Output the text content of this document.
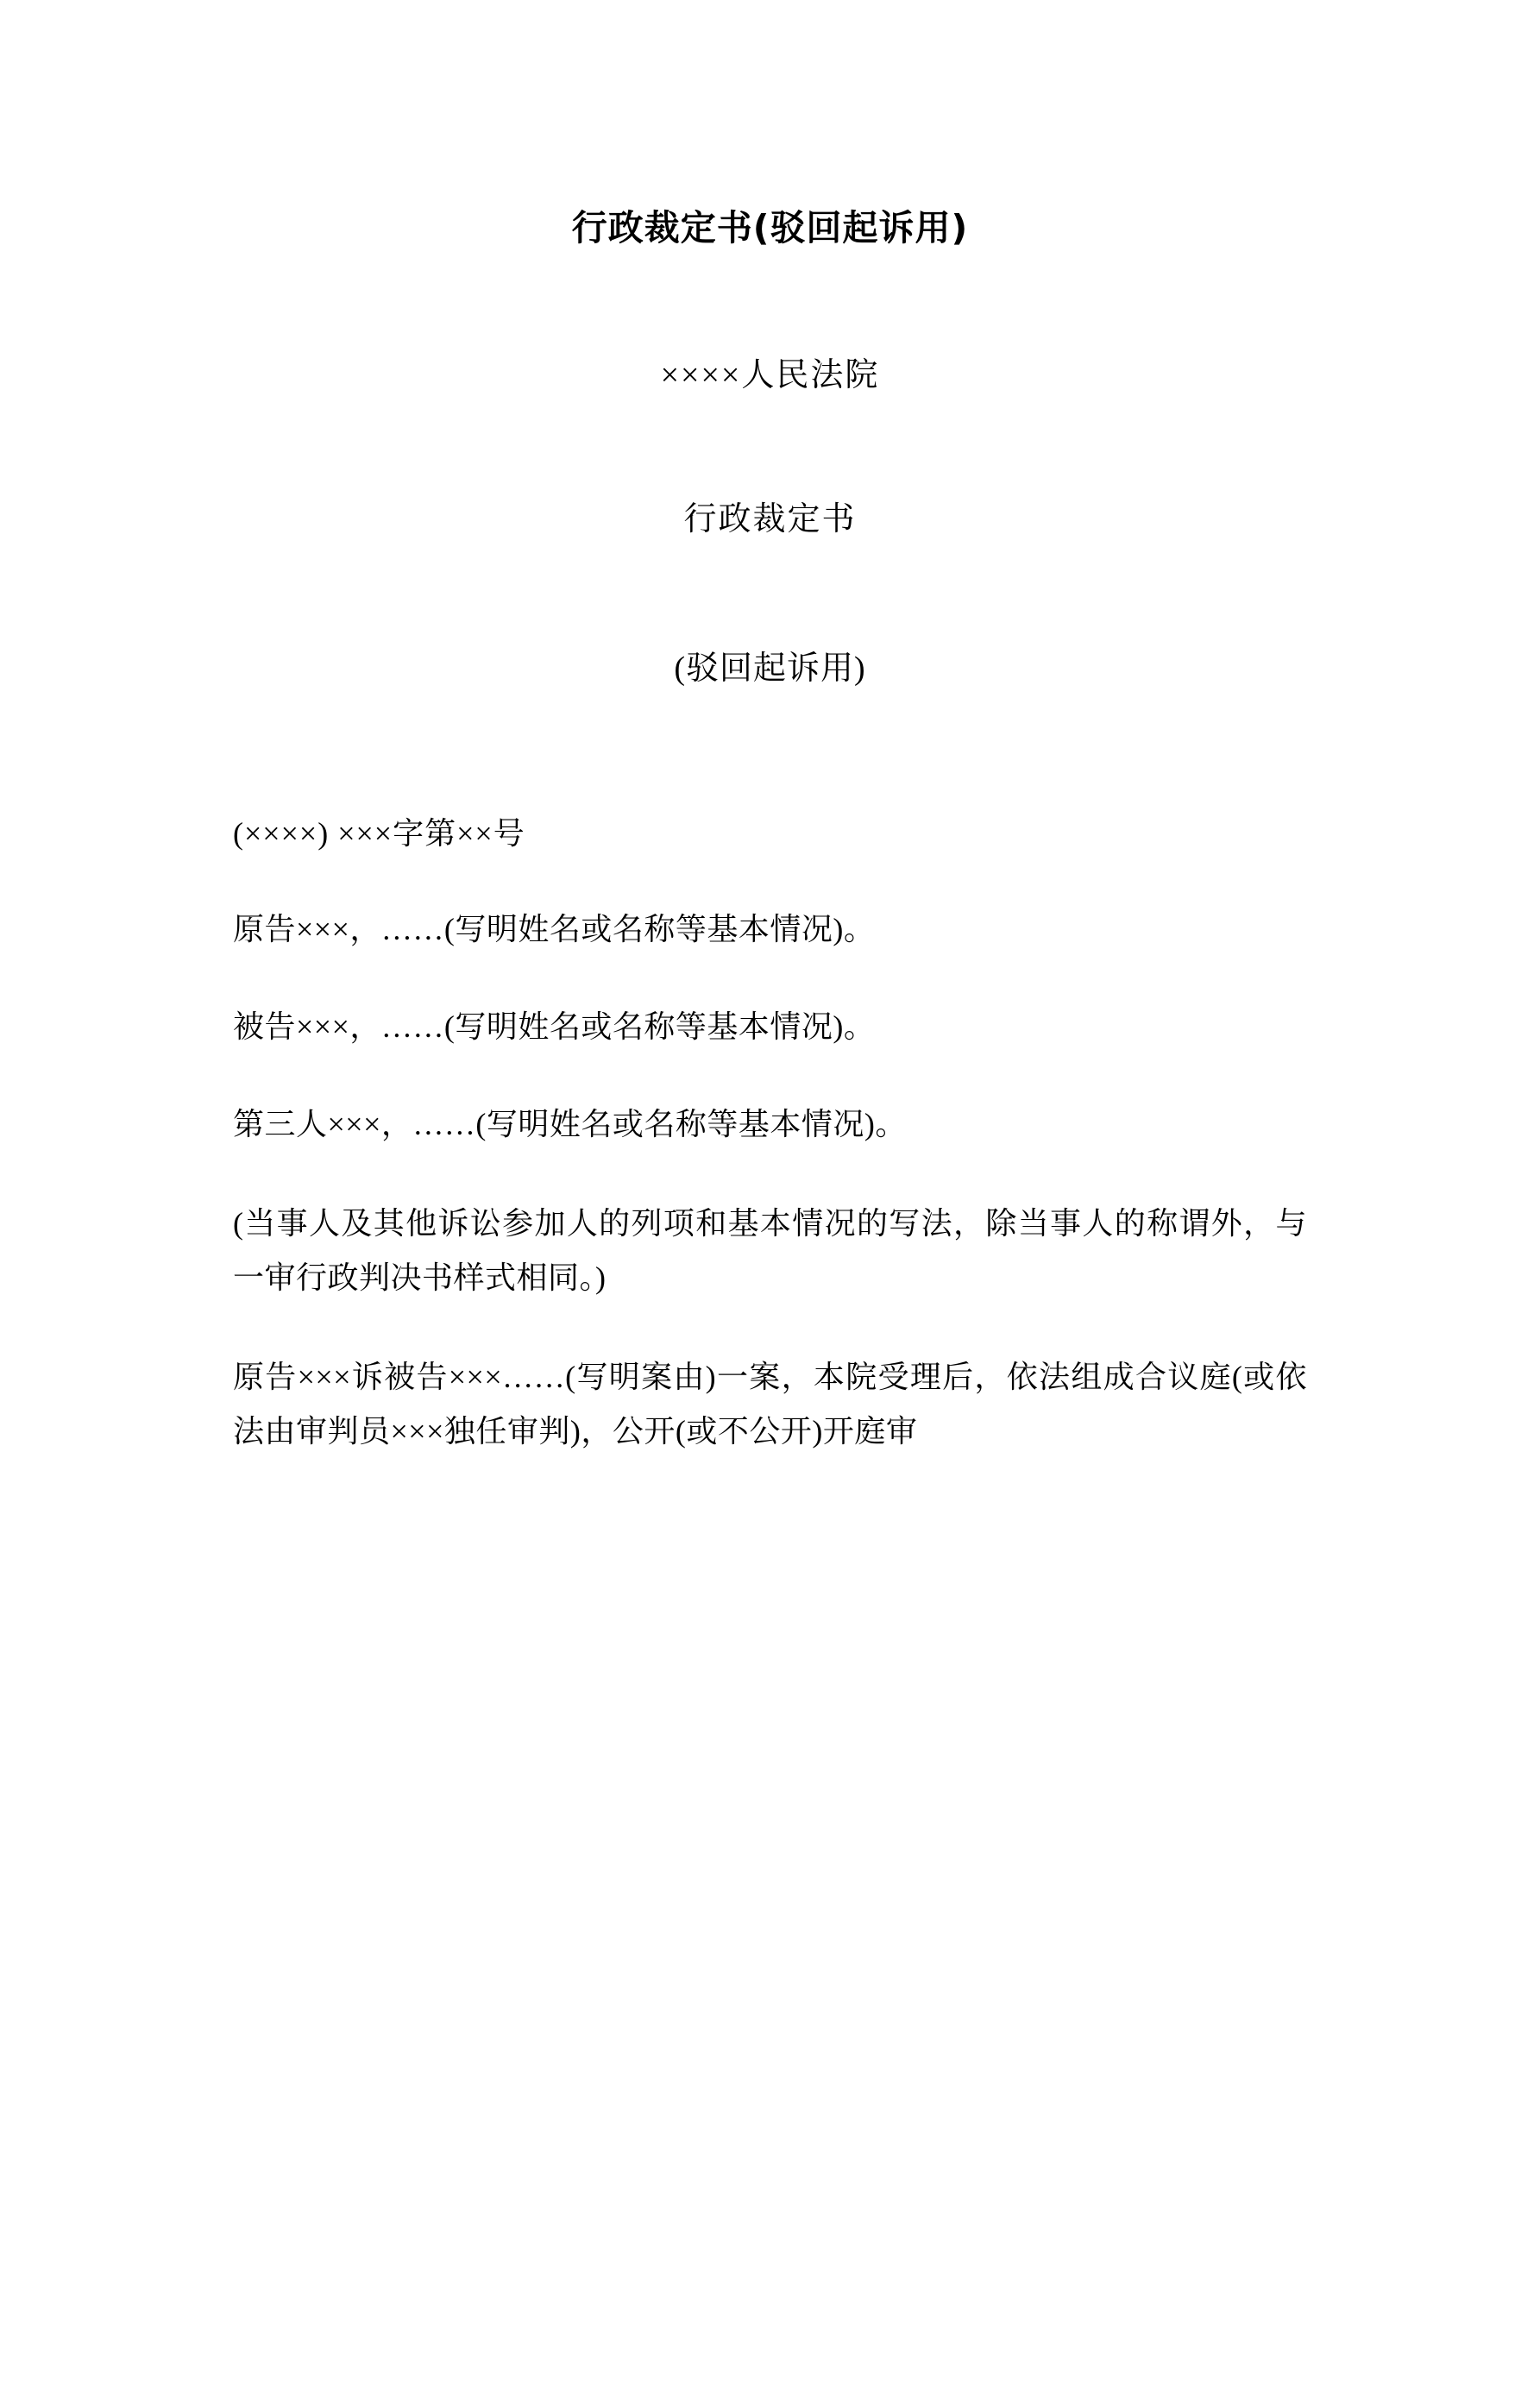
行政裁定书(驳回起诉用)
××××人民法院
行政裁定书
(驳回起诉用)
(××××) ×××字第××号
原告×××，……(写明姓名或名称等基本情况)。
被告×××，……(写明姓名或名称等基本情况)。
第三人×××，……(写明姓名或名称等基本情况)。
(当事人及其他诉讼参加人的列项和基本情况的写法，除当事人的称谓外，与一审行政判决书样式相同。)
原告×××诉被告×××……(写明案由)一案，本院受理后，依法组成合议庭(或依法由审判员×××独任审判)，公开(或不公开)开庭审
